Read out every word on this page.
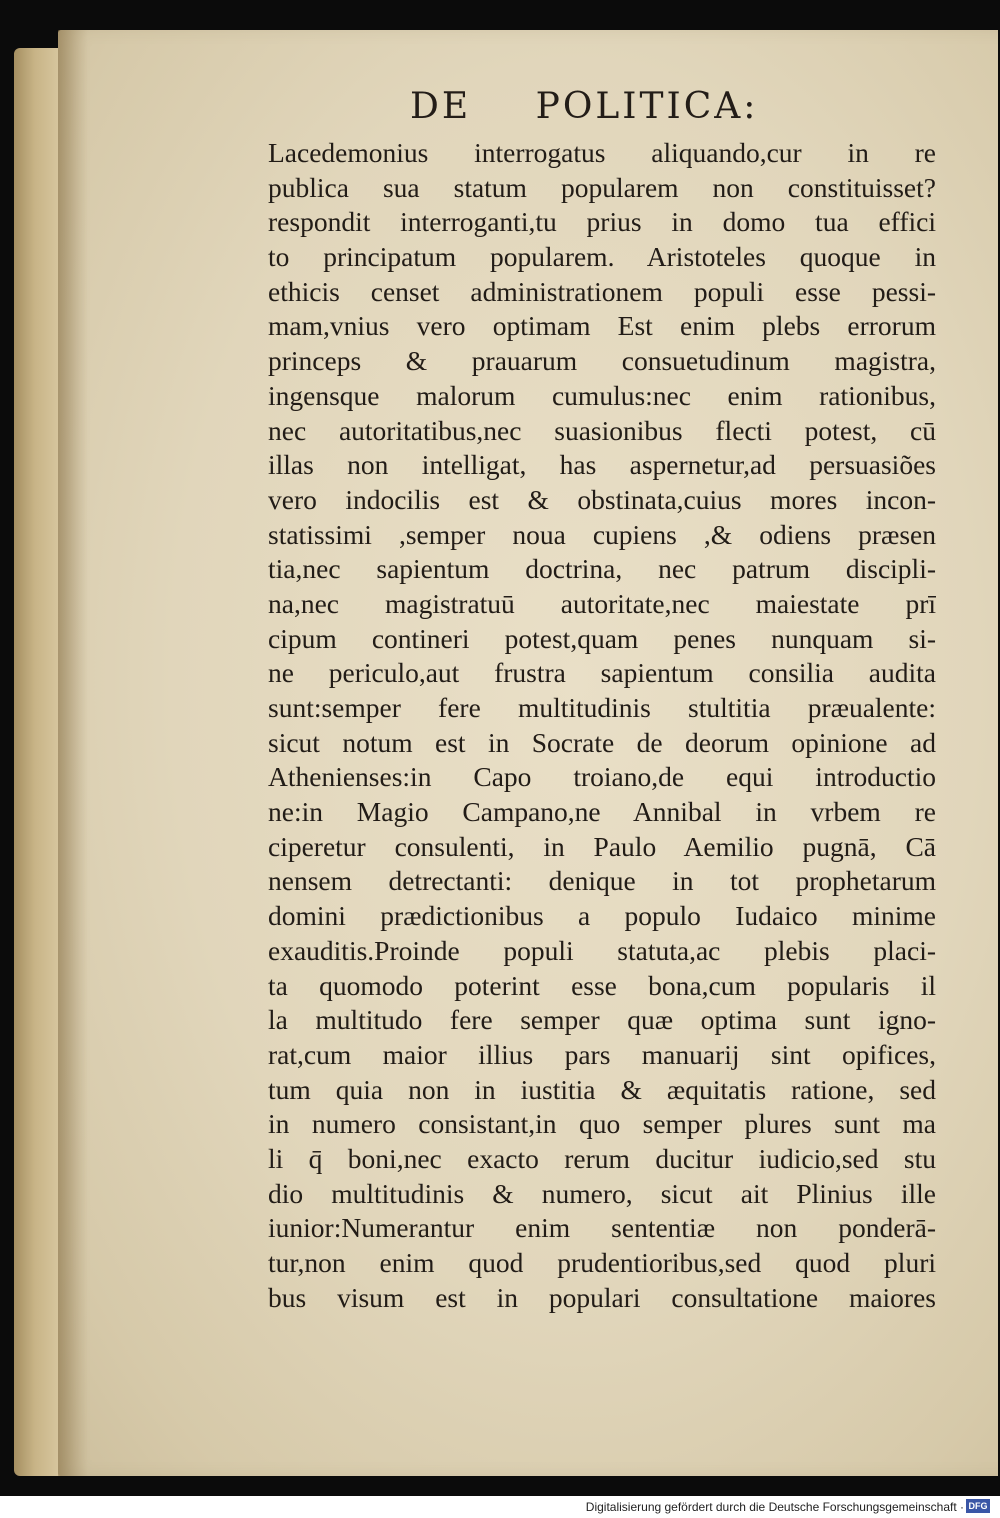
DE POLITICA:
Lacedemonius interrogatus aliquando,cur in re
publica sua statum popularem non constituisset?
respondit interroganti,tu prius in domo tua effici
to principatum popularem. Aristoteles quoque in
ethicis censet administrationem populi esse pessi-
mam,vnius vero optimam Est enim plebs errorum
princeps & prauarum consuetudinum magistra,
ingensque malorum cumulus:nec enim rationibus,
nec autoritatibus,nec suasionibus flecti potest, cū
illas non intelligat, has aspernetur,ad persuasiões
vero indocilis est & obstinata,cuius mores incon-
statissimi ,semper noua cupiens ,& odiens præsen
tia,nec sapientum doctrina, nec patrum discipli-
na,nec magistratuū autoritate,nec maiestate prī
cipum contineri potest,quam penes nunquam si-
ne periculo,aut frustra sapientum consilia audita
sunt:semper fere multitudinis stultitia præualente:
sicut notum est in Socrate de deorum opinione ad
Athenienses:in Capo troiano,de equi introductio
ne:in Magio Campano,ne Annibal in vrbem re
ciperetur consulenti, in Paulo Aemilio pugnā, Cā
nensem detrectanti: denique in tot prophetarum
domini prædictionibus a populo Iudaico minime
exauditis.Proinde populi statuta,ac plebis placi-
ta quomodo poterint esse bona,cum popularis il
la multitudo fere semper quæ optima sunt igno-
rat,cum maior illius pars manuarij sint opifices,
tum quia non in iustitia & æquitatis ratione, sed
in numero consistant,in quo semper plures sunt ma
li q̄ boni,nec exacto rerum ducitur iudicio,sed stu
dio multitudinis & numero, sicut ait Plinius ille
iunior:Numerantur enim sententiæ non ponderā-
tur,non enim quod prudentioribus,sed quod pluri
bus visum est in populari consultatione maiores
Digitalisierung gefördert durch die Deutsche Forschungsgemeinschaft · DFG
